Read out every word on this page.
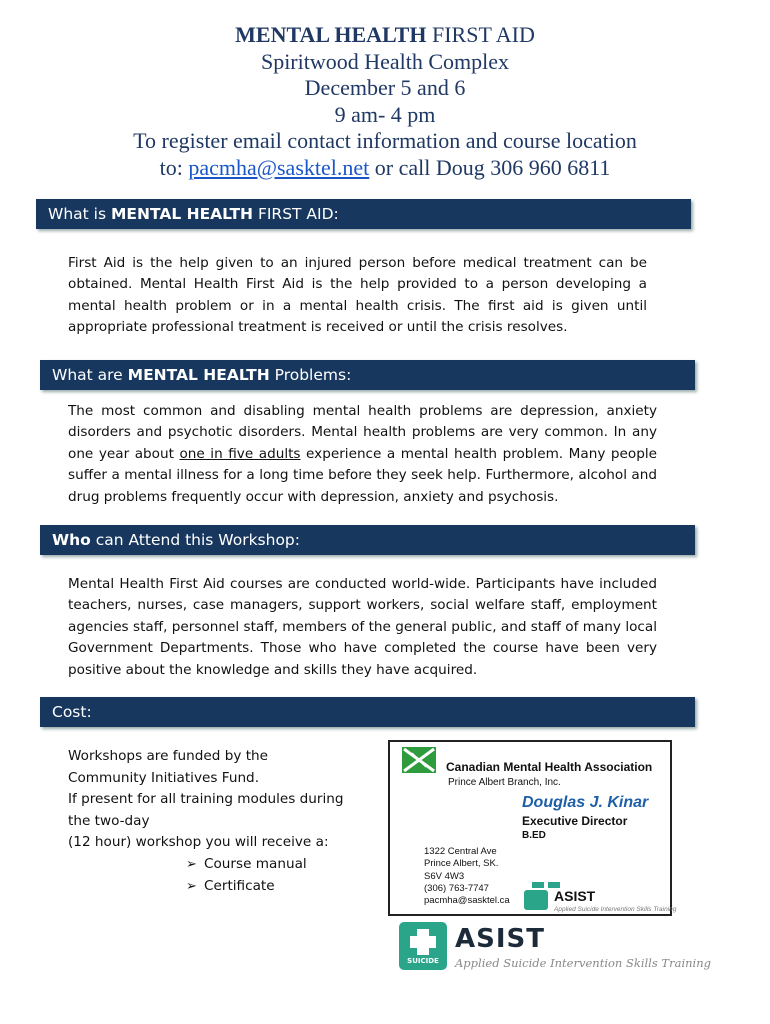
MENTAL HEALTH FIRST AID
Spiritwood Health Complex
December 5 and 6
9 am- 4 pm
To register email contact information and course location
to: pacmha@sasktel.net or call Doug 306 960 6811
What is MENTAL HEALTH FIRST AID:

First Aid is the help given to an injured person before medical treatment can be obtained. Mental Health First Aid is the help provided to a person developing a mental health problem or in a mental health crisis. The first aid is given until appropriate professional treatment is received or until the crisis resolves.

What are MENTAL HEALTH Problems:

The most common and disabling mental health problems are depression, anxiety disorders and psychotic disorders. Mental health problems are very common. In any one year about one in five adults experience a mental health problem. Many people suffer a mental illness for a long time before they seek help. Furthermore, alcohol and drug problems frequently occur with depression, anxiety and psychosis.

Who can Attend this Workshop:

Mental Health First Aid courses are conducted world-wide. Participants have included teachers, nurses, case managers, support workers, social welfare staff, employment agencies staff, personnel staff, members of the general public, and staff of many local Government Departments. Those who have completed the course have been very positive about the knowledge and skills they have acquired.

Cost:
Workshops are funded by the
Community Initiatives Fund.
If present for all training modules during
the two-day
(12 hour) workshop you will receive a:
➢ Course manual
➢ Certificate
Canadian Mental Health Association
Prince Albert Branch, Inc.
Douglas J. Kinar
Executive Director
B.ED
1322 Central Ave
Prince Albert, SK.
S6V 4W3
(306) 763-7747
pacmha@sasktel.ca	ASIST
Applied Suicide Intervention Skills Training
SUICIDE
ASIST
Applied Suicide Intervention Skills Training
